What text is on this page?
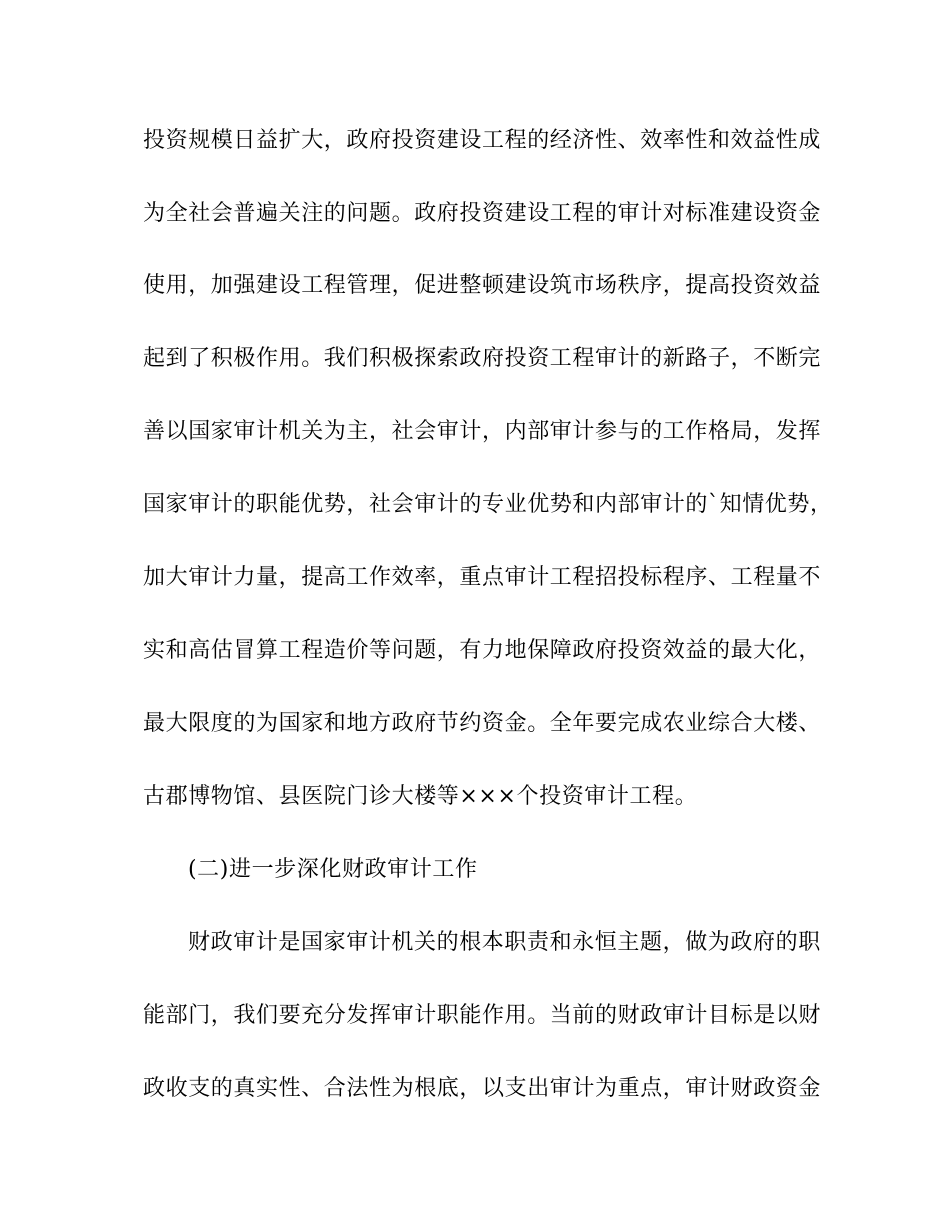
投资规模日益扩大，政府投资建设工程的经济性、效率性和效益性成
为全社会普遍关注的问题。政府投资建设工程的审计对标准建设资金
使用，加强建设工程管理，促进整顿建设筑市场秩序，提高投资效益
起到了积极作用。我们积极探索政府投资工程审计的新路子，不断完
善以国家审计机关为主，社会审计，内部审计参与的工作格局，发挥
国家审计的职能优势，社会审计的专业优势和内部审计的`知情优势，
加大审计力量，提高工作效率，重点审计工程招投标程序、工程量不
实和高估冒算工程造价等问题，有力地保障政府投资效益的最大化，
最大限度的为国家和地方政府节约资金。全年要完成农业综合大楼、
古郡博物馆、县医院门诊大楼等×××个投资审计工程。
(二)进一步深化财政审计工作
财政审计是国家审计机关的根本职责和永恒主题，做为政府的职
能部门，我们要充分发挥审计职能作用。当前的财政审计目标是以财
政收支的真实性、合法性为根底，以支出审计为重点，审计财政资金
